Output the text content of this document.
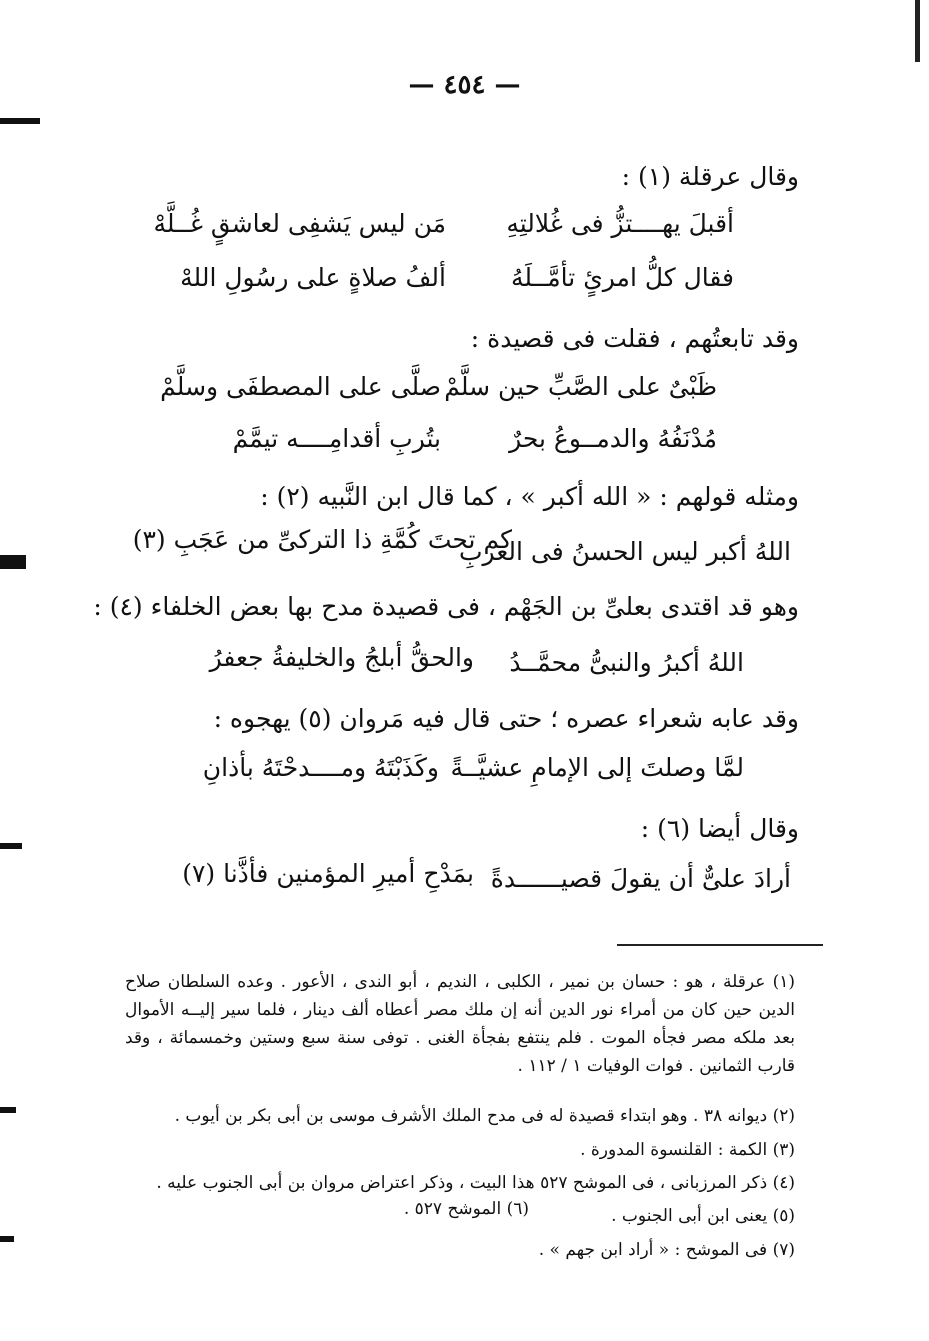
— ٤٥٤ —
وقال عرقلة (١) :
أقبلَ يهــــتزُّ فى غُلالتِهِ
مَن ليس يَشفِى لعاشقٍ غُــلَّهْ
فقال كلُّ امرئٍ تأمَّــلَهُ
ألفُ صلاةٍ على رسُولِ اللهْ
وقد تابعتُهم ، فقلت فى قصيدة :
ظَبْىٌ على الصَّبِّ حين سلَّمْ
صلَّى على المصطفَى وسلَّمْ
مُدْنَفُهُ والدمــوعُ بحرٌ
بتُربِ أقدامِــــه تيمَّمْ
ومثله قولهم : « الله أكبر » ، كما قال ابن النَّبيه (٢) :
اللهُ أكبر ليس الحسنُ فى العربِ
كم تحتَ كُمَّةِ ذا التركىِّ من عَجَبِ (٣)
وهو قد اقتدى بعلىِّ بن الجَهْم ، فى قصيدة مدح بها بعض الخلفاء (٤) :
اللهُ أكبرُ والنبىُّ محمَّــدُ
والحقُّ أبلجُ والخليفةُ جعفرُ
وقد عابه شعراء عصره ؛ حتى قال فيه مَروان (٥) يهجوه :
لمَّا وصلتَ إلى الإمامِ عشيَّــةً
وكَذَبْتَهُ ومــــدحْتَهُ بأذانِ
وقال أيضا (٦) :
أرادَ علىٌّ أن يقولَ قصيــــــدةً
بمَدْحِ أميرِ المؤمنين فأذَّنا (٧)
(١) عرقلة ، هو : حسان بن نمير ، الكلبى ، النديم ، أبو الندى ، الأعور . وعده السلطان صلاح الدين حين كان من أمراء نور الدين أنه إن ملك مصر أعطاه ألف دينار ، فلما سير إليــه الأموال بعد ملكه مصر فجأه الموت . فلم ينتفع بفجأة الغنى . توفى سنة سبع وستين وخمسمائة ، وقد قارب الثمانين . فوات الوفيات ١ / ١١٢ .
(٢) ديوانه ٣٨ . وهو ابتداء قصيدة له فى مدح الملك الأشرف موسى بن أبى بكر بن أيوب .
(٣) الكمة : القلنسوة المدورة .
(٤) ذكر المرزبانى ، فى الموشح ٥٢٧ هذا البيت ، وذكر اعتراض مروان بن أبى الجنوب عليه .
(٥) يعنى ابن أبى الجنوب .
(٦) الموشح ٥٢٧ .
(٧) فى الموشح : « أراد ابن جهم » .
